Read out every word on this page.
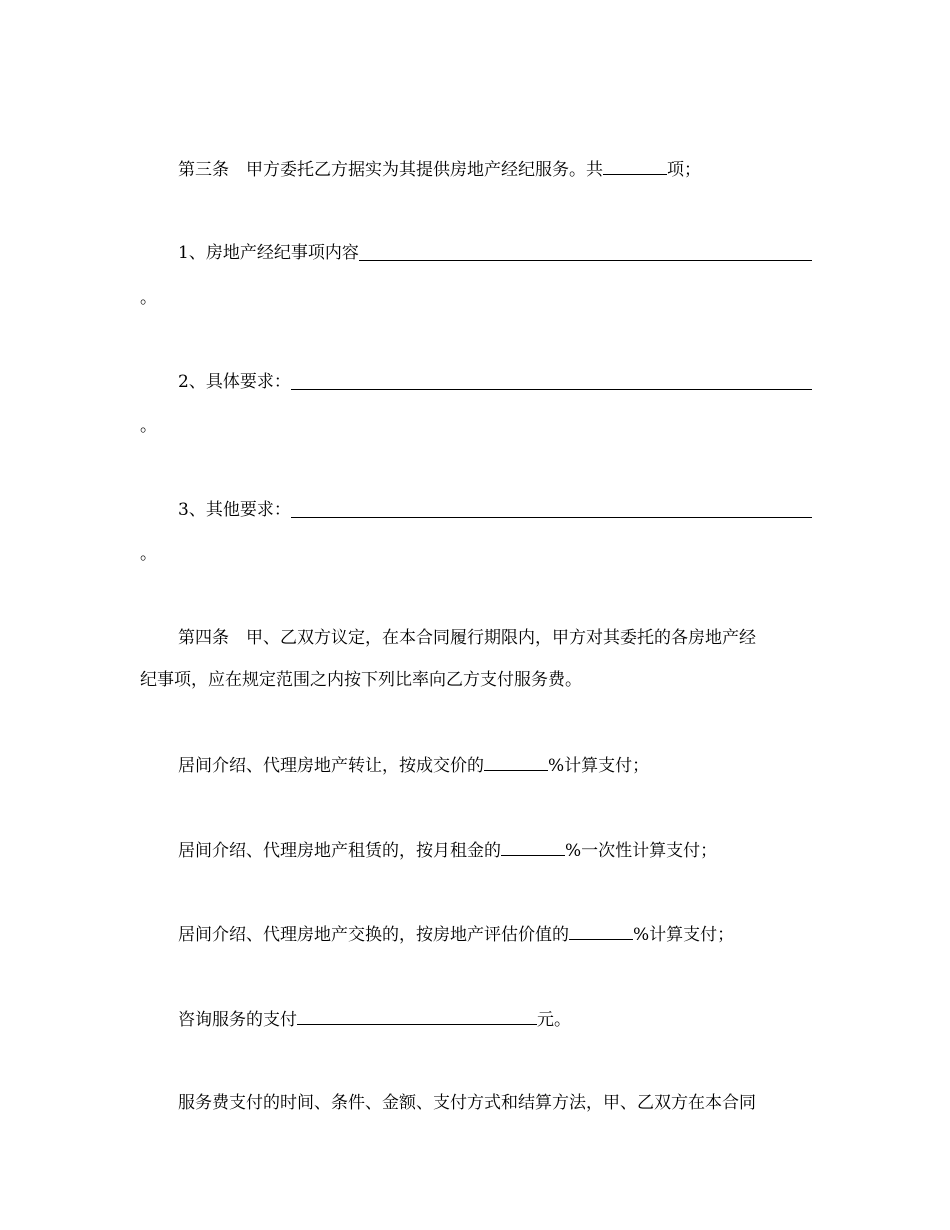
第三条 甲方委托乙方据实为其提供房地产经纪服务。共	项；
1、房地产经纪事项内容
。
2、具体要求：
。
3、其他要求：
。
第四条 甲、乙双方议定，在本合同履行期限内，甲方对其委托的各房地产经
纪事项，应在规定范围之内按下列比率向乙方支付服务费。
居间介绍、代理房地产转让，按成交价的	%计算支付；
居间介绍、代理房地产租赁的，按月租金的	%一次性计算支付；
居间介绍、代理房地产交换的，按房地产评估价值的	%计算支付；
咨询服务的支付	元。
服务费支付的时间、条件、金额、支付方式和结算方法，甲、乙双方在本合同
